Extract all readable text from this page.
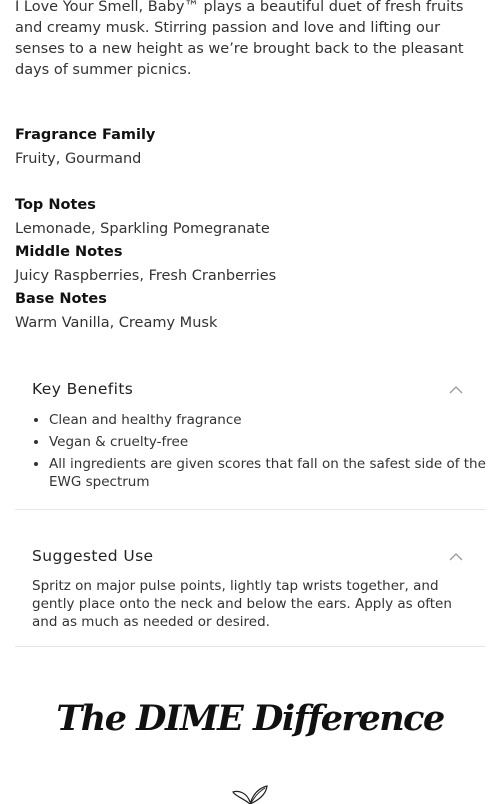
I Love Your Smell, Baby™ plays a beautiful duet of fresh fruits and creamy musk. Stirring passion and love and lifting our senses to a new height as we’re brought back to the pleasant days of summer picnics.

Fragrance Family

Fruity, Gourmand

Top Notes

Lemonade, Sparkling Pomegranate

Middle Notes

Juicy Raspberries, Fresh Cranberries

Base Notes

Warm Vanilla, Creamy Musk

Key Benefits
• Clean and healthy fragrance
• Vegan & cruelty-free
• All ingredients are given scores that fall on the safest side of the EWG spectrum
Suggested Use

Spritz on major pulse points, lightly tap wrists together, and gently place onto the neck and below the ears. Apply as often and as much as needed or desired.

The DIME Difference
